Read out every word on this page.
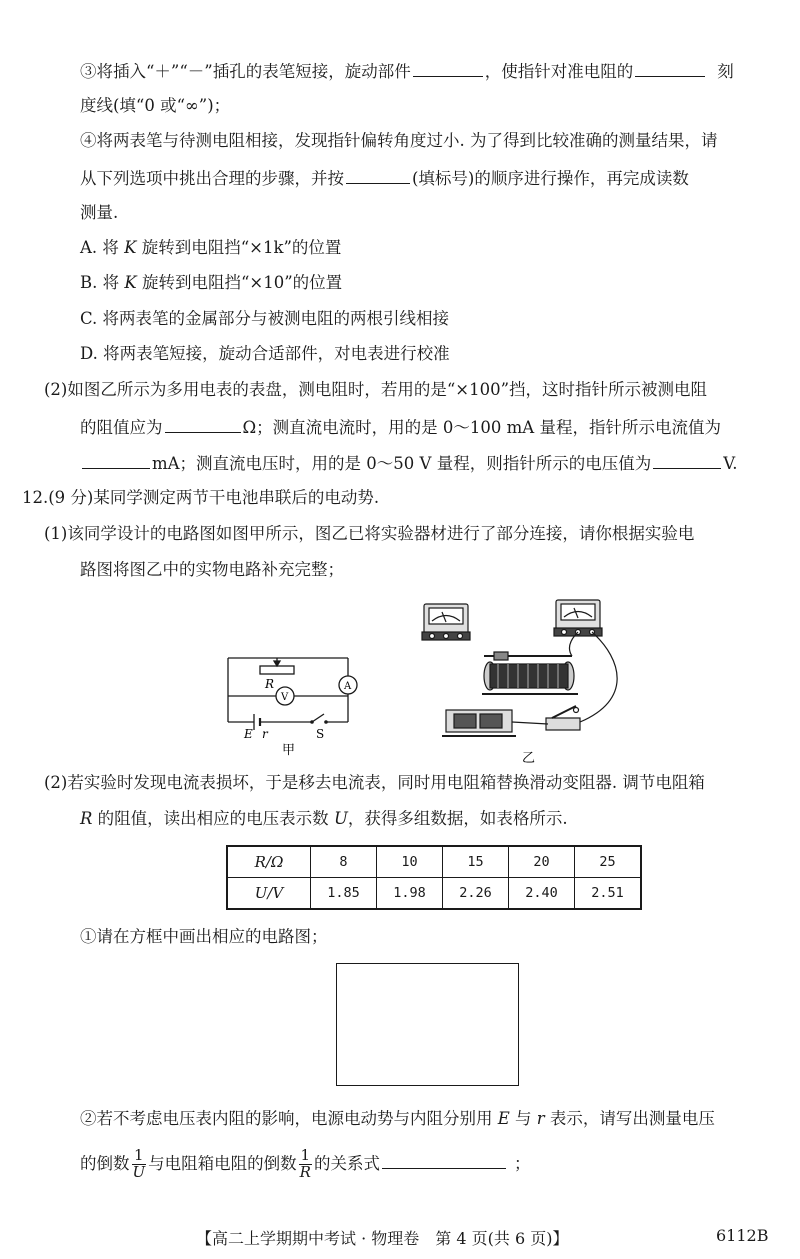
③将插入“＋”“－”插孔的表笔短接，旋动部件	，使指针对准电阻的	刻
度线(填“0 或“∞”)；
④将两表笔与待测电阻相接，发现指针偏转角度过小. 为了得到比较准确的测量结果，请
从下列选项中挑出合理的步骤，并按	(填标号)的顺序进行操作，再完成读数
测量.
A. 将 K 旋转到电阻挡“×1k”的位置
B. 将 K 旋转到电阻挡“×10”的位置
C. 将两表笔的金属部分与被测电阻的两根引线相接
D. 将两表笔短接，旋动合适部件，对电表进行校准
(2)如图乙所示为多用电表的表盘，测电阻时，若用的是“×100”挡，这时指针所示被测电阻
的阻值应为	Ω；测直流电流时，用的是 0～100 mA 量程，指针所示电流值为
mA；测直流电压时，用的是 0～50 V 量程，则指针所示的电压值为	V.
12.(9 分)某同学测定两节干电池串联后的电动势.
(1)该同学设计的电路图如图甲所示，图乙已将实验器材进行了部分连接，请你根据实验电
路图将图乙中的实物电路补充完整；
R
V
A
E r	S
甲
乙
(2)若实验时发现电流表损坏，于是移去电流表，同时用电阻箱替换滑动变阻器. 调节电阻箱
R 的阻值，读出相应的电压表示数 U，获得多组数据，如表格所示.
R/Ω	8	10	15	20	25
U/V	1.85	1.98	2.26	2.40	2.51
①请在方框中画出相应的电路图；
②若不考虑电压表内阻的影响，电源电动势与内阻分别用 E 与 r 表示，请写出测量电压
的倒数 $\frac{1}{U}$ 与电阻箱电阻的倒数 $\frac{1}{R}$ 的关系式	；
【高二上学期期中考试 · 物理卷　第 4 页(共 6 页)】	6112B
